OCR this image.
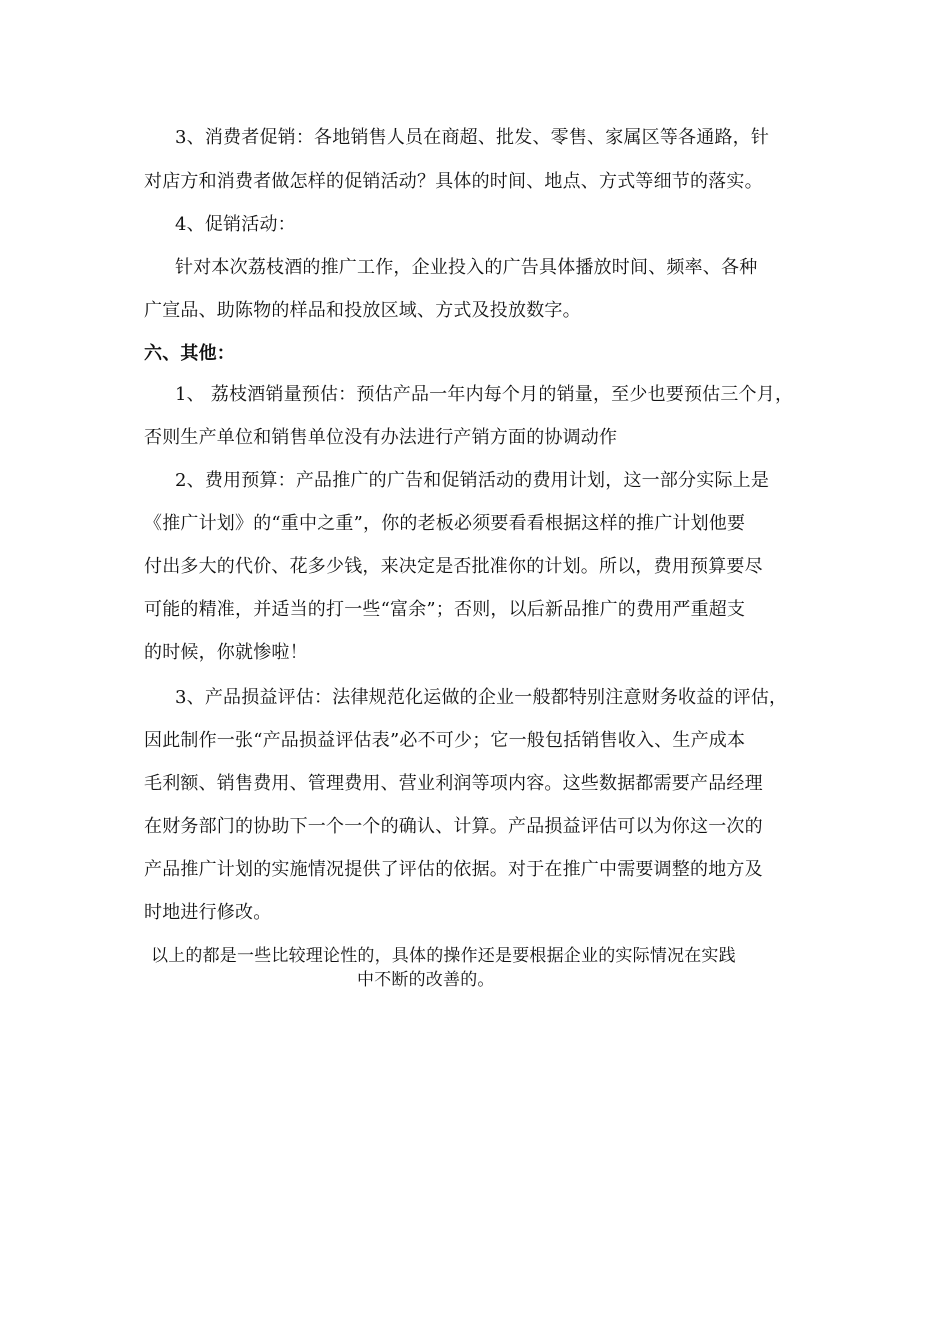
3、消费者促销：各地销售人员在商超、批发、零售、家属区等各通路，针
对店方和消费者做怎样的促销活动？具体的时间、地点、方式等细节的落实。
4、促销活动：
针对本次荔枝酒的推广工作，企业投入的广告具体播放时间、频率、各种
广宣品、助陈物的样品和投放区域、方式及投放数字。
六、其他：
1、 荔枝酒销量预估：预估产品一年内每个月的销量，至少也要预估三个月，
否则生产单位和销售单位没有办法进行产销方面的协调动作
2、费用预算：产品推广的广告和促销活动的费用计划，这一部分实际上是
《推广计划》的“重中之重”，你的老板必须要看看根据这样的推广计划他要
付出多大的代价、花多少钱，来决定是否批准你的计划。所以，费用预算要尽
可能的精准，并适当的打一些“富余”；否则，以后新品推广的费用严重超支
的时候，你就惨啦！
3、产品损益评估：法律规范化运做的企业一般都特别注意财务收益的评估，
因此制作一张“产品损益评估表”必不可少；它一般包括销售收入、生产成本
毛利额、销售费用、管理费用、营业利润等项内容。这些数据都需要产品经理
在财务部门的协助下一个一个的确认、计算。产品损益评估可以为你这一次的
产品推广计划的实施情况提供了评估的依据。对于在推广中需要调整的地方及
时地进行修改。
以上的都是一些比较理论性的，具体的操作还是要根据企业的实际情况在实践
中不断的改善的。
